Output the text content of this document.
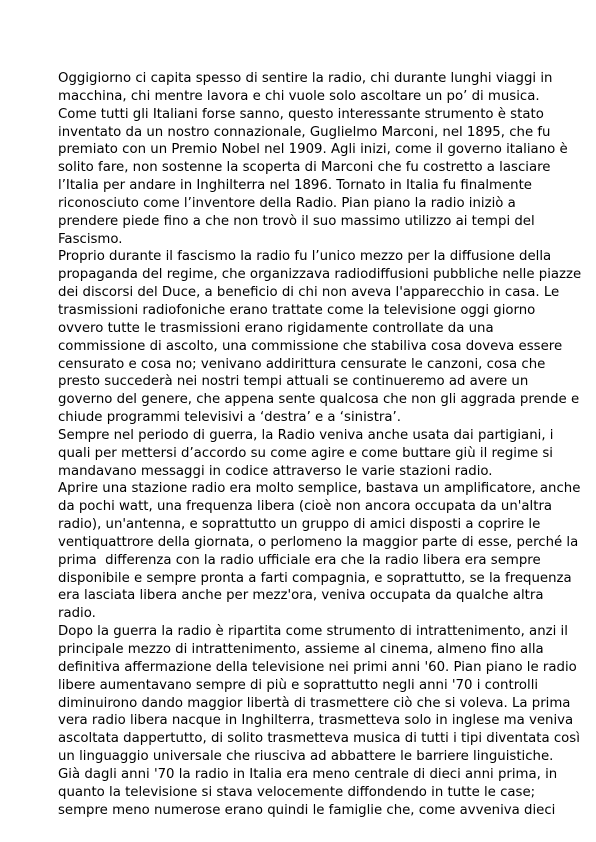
Oggigiorno ci capita spesso di sentire la radio, chi durante lunghi viaggi in
macchina, chi mentre lavora e chi vuole solo ascoltare un po’ di musica.
Come tutti gli Italiani forse sanno, questo interessante strumento è stato
inventato da un nostro connazionale, Guglielmo Marconi, nel 1895, che fu
premiato con un Premio Nobel nel 1909. Agli inizi, come il governo italiano è
solito fare, non sostenne la scoperta di Marconi che fu costretto a lasciare
l’Italia per andare in Inghilterra nel 1896. Tornato in Italia fu finalmente
riconosciuto come l’inventore della Radio. Pian piano la radio iniziò a
prendere piede fino a che non trovò il suo massimo utilizzo ai tempi del
Fascismo.
Proprio durante il fascismo la radio fu l’unico mezzo per la diffusione della
propaganda del regime, che organizzava radiodiffusioni pubbliche nelle piazze
dei discorsi del Duce, a beneficio di chi non aveva l'apparecchio in casa. Le
trasmissioni radiofoniche erano trattate come la televisione oggi giorno
ovvero tutte le trasmissioni erano rigidamente controllate da una
commissione di ascolto, una commissione che stabiliva cosa doveva essere
censurato e cosa no; venivano addirittura censurate le canzoni, cosa che
presto succederà nei nostri tempi attuali se continueremo ad avere un
governo del genere, che appena sente qualcosa che non gli aggrada prende e
chiude programmi televisivi a ‘destra’ e a ‘sinistra’.
Sempre nel periodo di guerra, la Radio veniva anche usata dai partigiani, i
quali per mettersi d’accordo su come agire e come buttare giù il regime si
mandavano messaggi in codice attraverso le varie stazioni radio.
Aprire una stazione radio era molto semplice, bastava un amplificatore, anche
da pochi watt, una frequenza libera (cioè non ancora occupata da un'altra
radio), un'antenna, e soprattutto un gruppo di amici disposti a coprire le
ventiquattrore della giornata, o perlomeno la maggior parte di esse, perché la
prima  differenza con la radio ufficiale era che la radio libera era sempre
disponibile e sempre pronta a farti compagnia, e soprattutto, se la frequenza
era lasciata libera anche per mezz'ora, veniva occupata da qualche altra
radio.
Dopo la guerra la radio è ripartita come strumento di intrattenimento, anzi il
principale mezzo di intrattenimento, assieme al cinema, almeno fino alla
definitiva affermazione della televisione nei primi anni '60. Pian piano le radio
libere aumentavano sempre di più e soprattutto negli anni '70 i controlli
diminuirono dando maggior libertà di trasmettere ciò che si voleva. La prima
vera radio libera nacque in Inghilterra, trasmetteva solo in inglese ma veniva
ascoltata dappertutto, di solito trasmetteva musica di tutti i tipi diventata così
un linguaggio universale che riusciva ad abbattere le barriere linguistiche.
Già dagli anni '70 la radio in Italia era meno centrale di dieci anni prima, in
quanto la televisione si stava velocemente diffondendo in tutte le case;
sempre meno numerose erano quindi le famiglie che, come avveniva dieci
